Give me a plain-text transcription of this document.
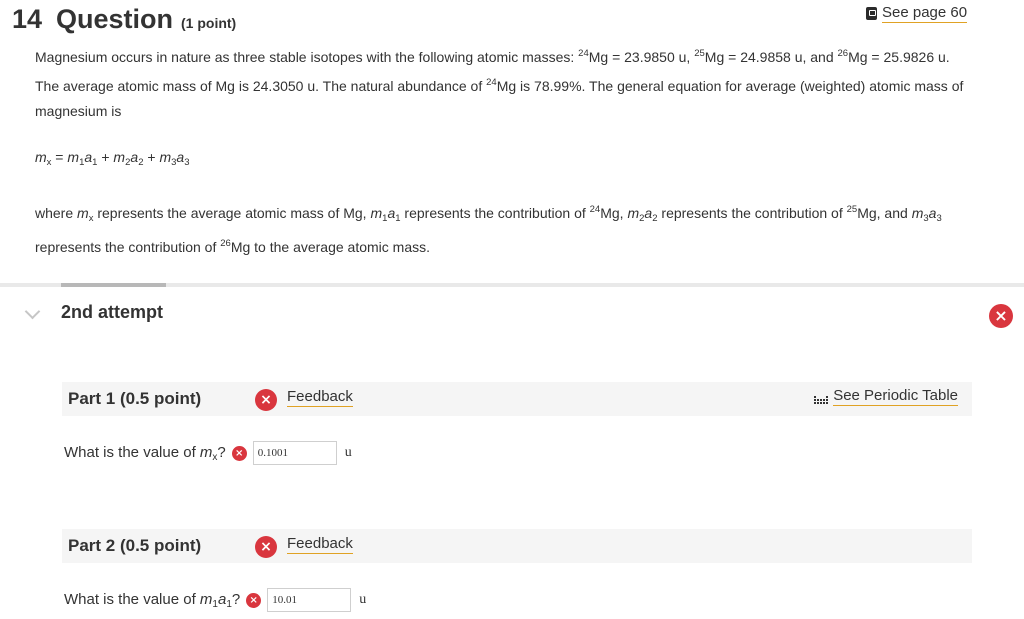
14 Question (1 point)
See page 60
Magnesium occurs in nature as three stable isotopes with the following atomic masses: $^{24}$Mg = 23.9850 u, $^{25}$Mg = 24.9858 u, and $^{26}$Mg = 25.9826 u.
The average atomic mass of Mg is 24.3050 u. The natural abundance of $^{24}$Mg is 78.99%. The general equation for average (weighted) atomic mass of
magnesium is
$m_x = m_1a_1 + m_2a_2 + m_3a_3$
where $m_x$ represents the average atomic mass of Mg, $m_1a_1$ represents the contribution of $^{24}$Mg, $m_2a_2$ represents the contribution of $^{25}$Mg, and $m_3a_3$
represents the contribution of $^{26}$Mg to the average atomic mass.
2nd attempt	×
Part 1 (0.5 point)	×	Feedback	See Periodic Table
What is the value of $m_x$? ×
0.1001	u
Part 2 (0.5 point)	×	Feedback
What is the value of $m_1a_1$? ×
10.01	u
